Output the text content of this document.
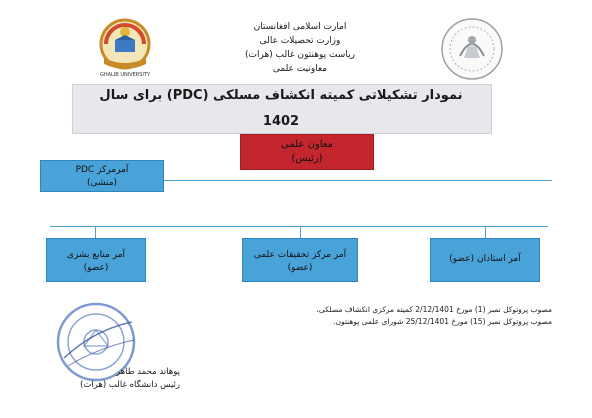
GHALIB UNIVERSITY
امارت اسلامی افغانستان
وزارت تحصیلات عالی
ریاست پوهنتون غالب (هرات)
معاونیت علمی
نمودار تشکیلاتی کمیته انکشاف مسلکی (PDC) برای سال
1402
معاون علمی
(رئیس)
آمرمرکز PDC
(منشی)
آمر منابع بشری
(عضو)
آمر مرکز تحقیقات علمی
(عضو)
آمر استادان (عضو)
مصوب پروتوکل نمبر (1) مورخ 2/12/1401 کمیته مرکزی انکشاف مسلکی،
مصوب پروتوکل نمبر (15) مورخ 25/12/1401 شورای علمی پوهنتون.
پوهاند محمد طاهر
رئیس دانشگاه غالب (هرات)
